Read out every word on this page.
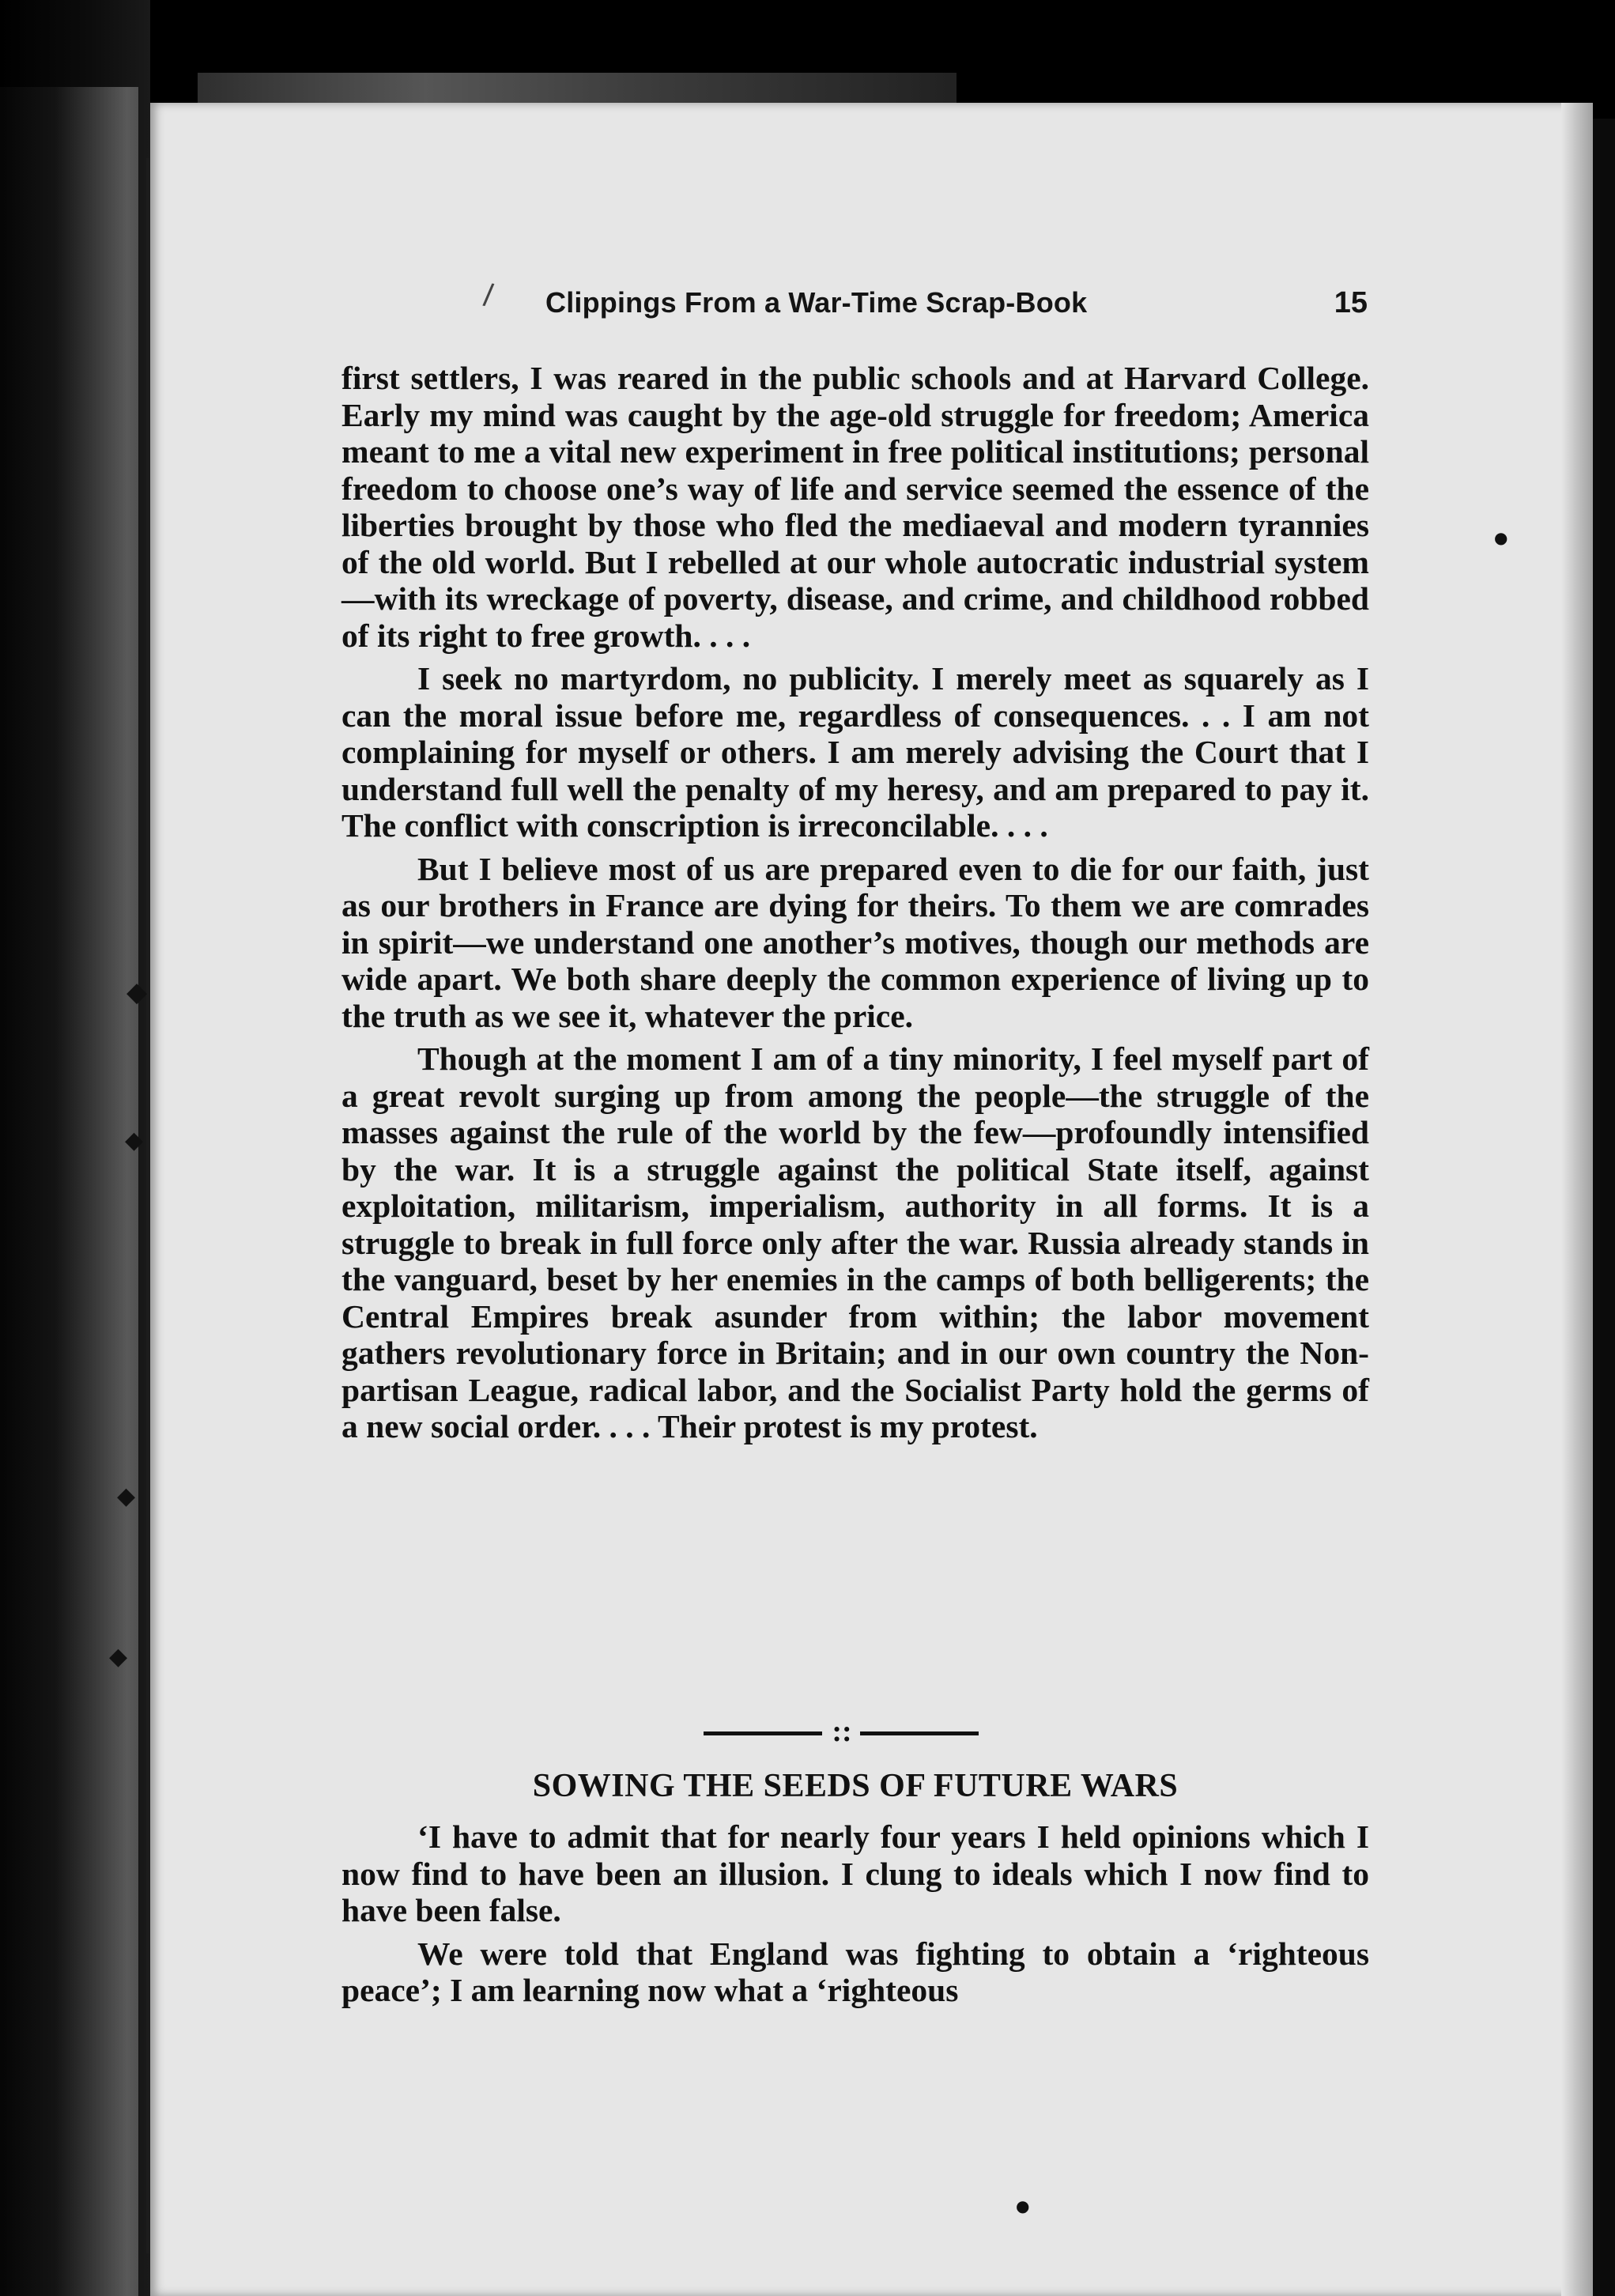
◆
◆
◆
◆
●
●
/ Clippings From a War-Time Scrap-Book	15

first settlers, I was reared in the public schools and at Harvard College. Early my mind was caught by the age-old struggle for freedom; America meant to me a vital new experiment in free political institutions; personal freedom to choose one’s way of life and service seemed the essence of the liberties brought by those who fled the mediaeval and modern tyrannies of the old world. But I rebelled at our whole autocratic industrial system—with its wreckage of poverty, disease, and crime, and childhood robbed of its right to free growth. . . .

I seek no martyrdom, no publicity. I merely meet as squarely as I can the moral issue before me, regardless of consequences. . . I am not complaining for myself or others. I am merely advising the Court that I understand full well the penalty of my heresy, and am prepared to pay it. The conflict with conscription is irreconcilable. . . .

But I believe most of us are prepared even to die for our faith, just as our brothers in France are dying for theirs. To them we are comrades in spirit—we understand one another’s motives, though our methods are wide apart. We both share deeply the common experience of living up to the truth as we see it, whatever the price.

Though at the moment I am of a tiny minority, I feel myself part of a great revolt surging up from among the people—the struggle of the masses against the rule of the world by the few—profoundly intensified by the war. It is a struggle against the political State itself, against exploitation, militarism, imperialism, authority in all forms. It is a struggle to break in full force only after the war. Russia already stands in the vanguard, beset by her enemies in the camps of both belligerents; the Central Empires break asunder from within; the labor movement gathers revolutionary force in Britain; and in our own country the Non-partisan League, radical labor, and the Socialist Party hold the germs of a new social order. . . . Their protest is my protest.

::
SOWING THE SEEDS OF FUTURE WARS

‘I have to admit that for nearly four years I held opinions which I now find to have been an illusion. I clung to ideals which I now find to have been false.

We were told that England was fighting to obtain a ‘righteous peace’; I am learning now what a ‘righteous
